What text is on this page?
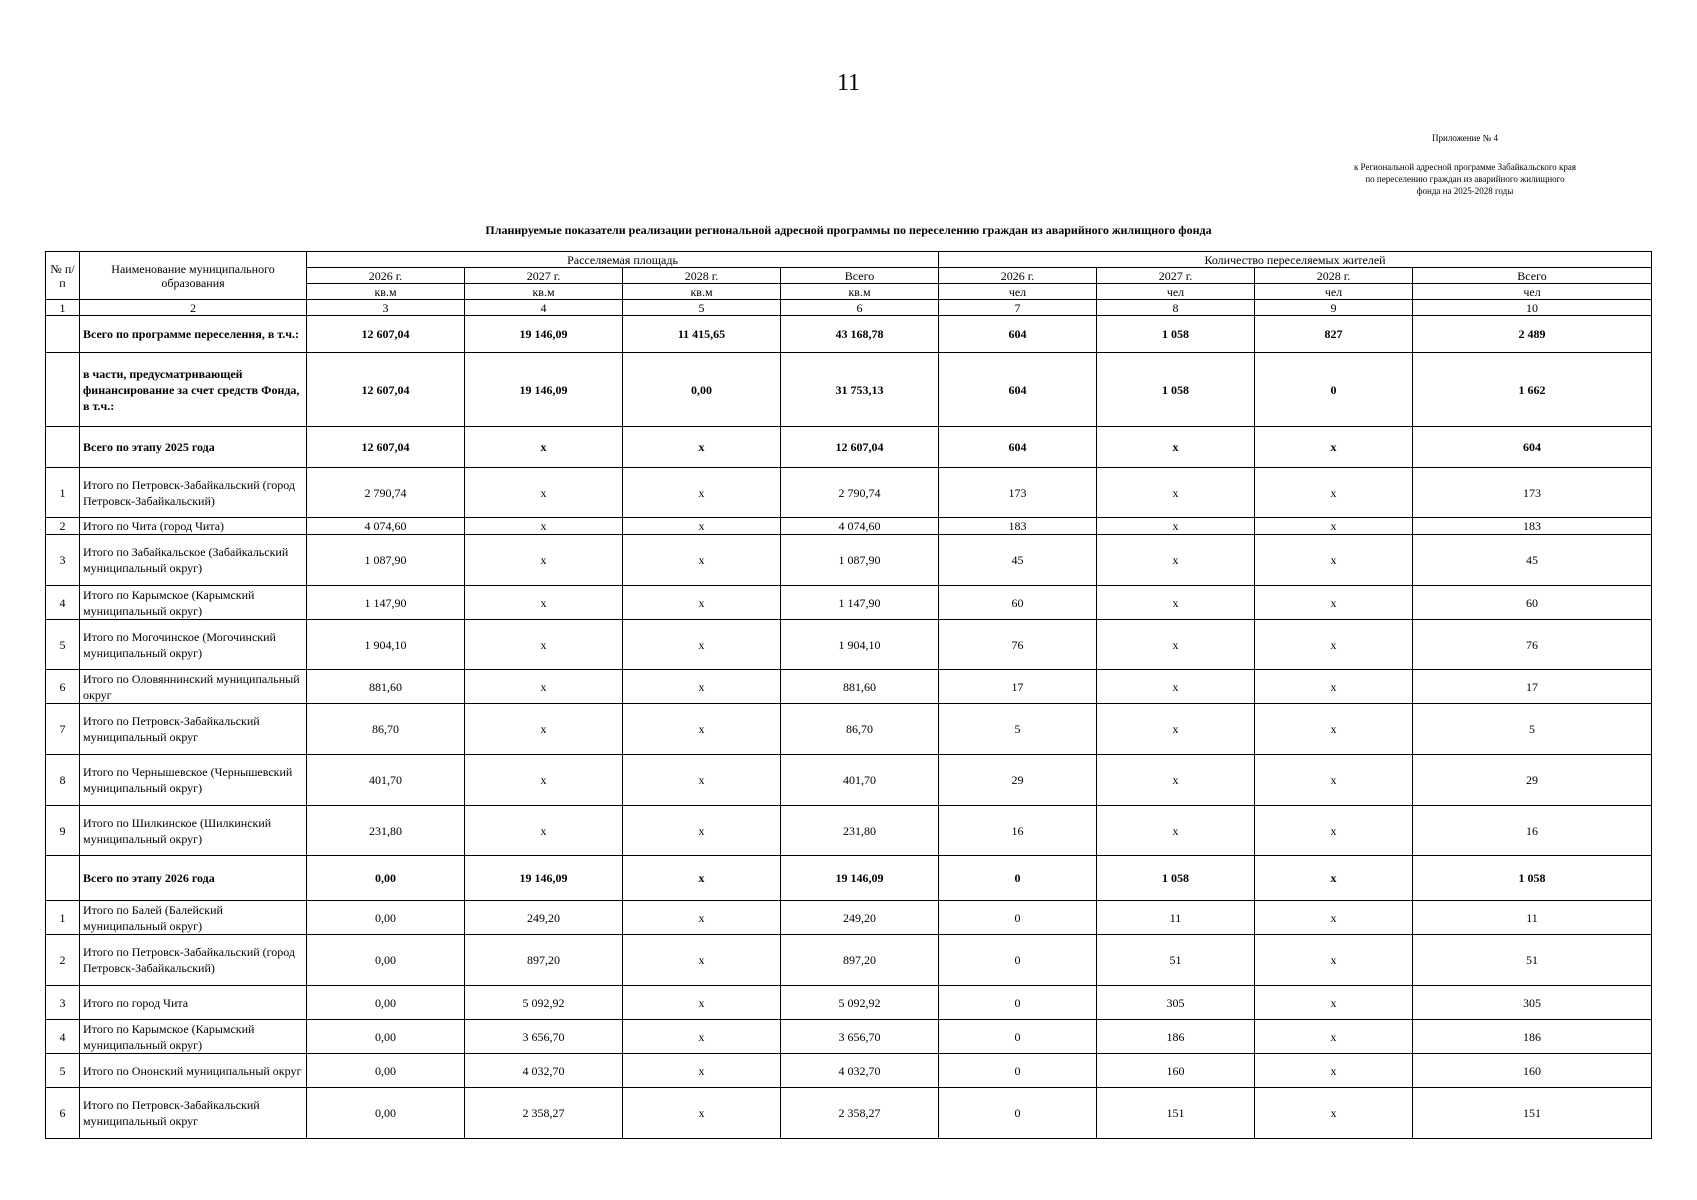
11
Приложение № 4
к Региональной адресной программе Забайкальского края
по переселению граждан из аварийного жилищного
фонда на 2025-2028 годы
Планируемые показатели реализации региональной адресной программы по переселению граждан из аварийного жилищного фонда
№ п/п	Наименование муниципального образования	Расселяемая площадь				Количество переселяемых жителей			
		2026 г.	2027 г.	2028 г.	Всего	2026 г.	2027 г.	2028 г.	Всего
		кв.м	кв.м	кв.м	кв.м	чел	чел	чел	чел
1	2	3	4	5	6	7	8	9	10
	Всего по программе переселения, в т.ч.:	12 607,04	19 146,09	11 415,65	43 168,78	604	1 058	827	2 489
	в части, предусматривающей финансирование за счет средств Фонда, в т.ч.:	12 607,04	19 146,09	0,00	31 753,13	604	1 058	0	1 662
	Всего по этапу 2025 года	12 607,04	x	x	12 607,04	604	x	x	604
1	Итого по Петровск-Забайкальский (город Петровск-Забайкальский)	2 790,74	x	x	2 790,74	173	x	x	173
2	Итого по Чита (город Чита)	4 074,60	x	x	4 074,60	183	x	x	183
3	Итого по Забайкальское (Забайкальский муниципальный округ)	1 087,90	x	x	1 087,90	45	x	x	45
4	Итого по Карымское (Карымский муниципальный округ)	1 147,90	x	x	1 147,90	60	x	x	60
5	Итого по Могочинское (Могочинский муниципальный округ)	1 904,10	x	x	1 904,10	76	x	x	76
6	Итого по Оловяннинский муниципальный округ	881,60	x	x	881,60	17	x	x	17
7	Итого по Петровск-Забайкальский муниципальный округ	86,70	x	x	86,70	5	x	x	5
8	Итого по Чернышевское (Чернышевский муниципальный округ)	401,70	x	x	401,70	29	x	x	29
9	Итого по Шилкинское (Шилкинский муниципальный округ)	231,80	x	x	231,80	16	x	x	16
	Всего по этапу 2026 года	0,00	19 146,09	x	19 146,09	0	1 058	x	1 058
1	Итого по Балей (Балейский муниципальный округ)	0,00	249,20	x	249,20	0	11	x	11
2	Итого по Петровск-Забайкальский (город Петровск-Забайкальский)	0,00	897,20	x	897,20	0	51	x	51
3	Итого по город Чита	0,00	5 092,92	x	5 092,92	0	305	x	305
4	Итого по Карымское (Карымский муниципальный округ)	0,00	3 656,70	x	3 656,70	0	186	x	186
5	Итого по Ононский муниципальный округ	0,00	4 032,70	x	4 032,70	0	160	x	160
6	Итого по Петровск-Забайкальский муниципальный округ	0,00	2 358,27	x	2 358,27	0	151	x	151
